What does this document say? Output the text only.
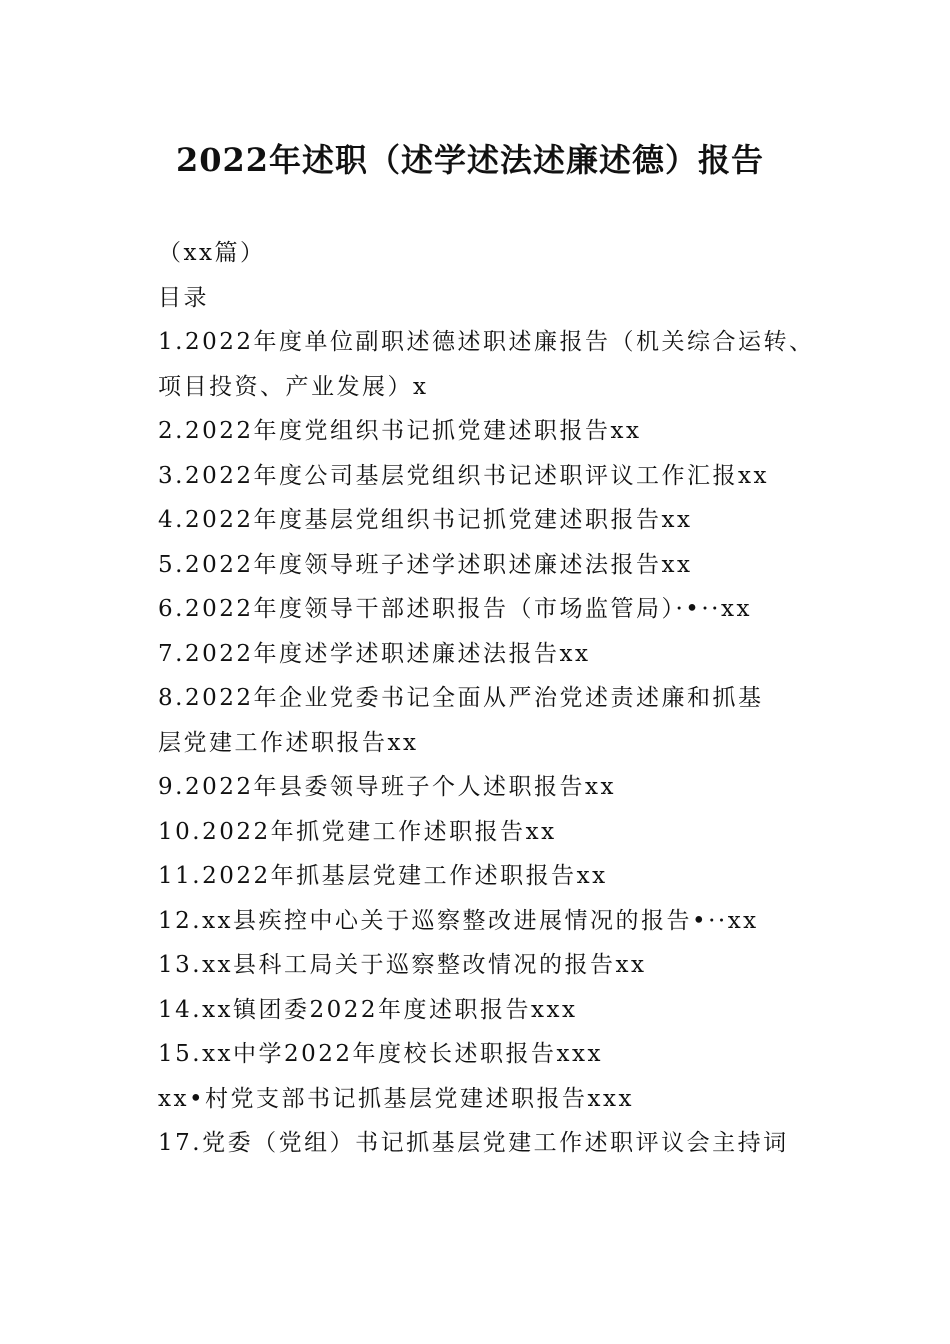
2022年述职（述学述法述廉述德）报告

（xx篇）

目录

1.2022年度单位副职述德述职述廉报告（机关综合运转、

项目投资、产业发展）x

2.2022年度党组织书记抓党建述职报告xx

3.2022年度公司基层党组织书记述职评议工作汇报xx

4.2022年度基层党组织书记抓党建述职报告xx

5.2022年度领导班子述学述职述廉述法报告xx

6.2022年度领导干部述职报告（市场监管局）·•··xx

7.2022年度述学述职述廉述法报告xx

8.2022年企业党委书记全面从严治党述责述廉和抓基

层党建工作述职报告xx

9.2022年县委领导班子个人述职报告xx

10.2022年抓党建工作述职报告xx

11.2022年抓基层党建工作述职报告xx

12.xx县疾控中心关于巡察整改进展情况的报告•··xx

13.xx县科工局关于巡察整改情况的报告xx

14.xx镇团委2022年度述职报告xxx

15.xx中学2022年度校长述职报告xxx

xx•村党支部书记抓基层党建述职报告xxx

17.党委（党组）书记抓基层党建工作述职评议会主持词
